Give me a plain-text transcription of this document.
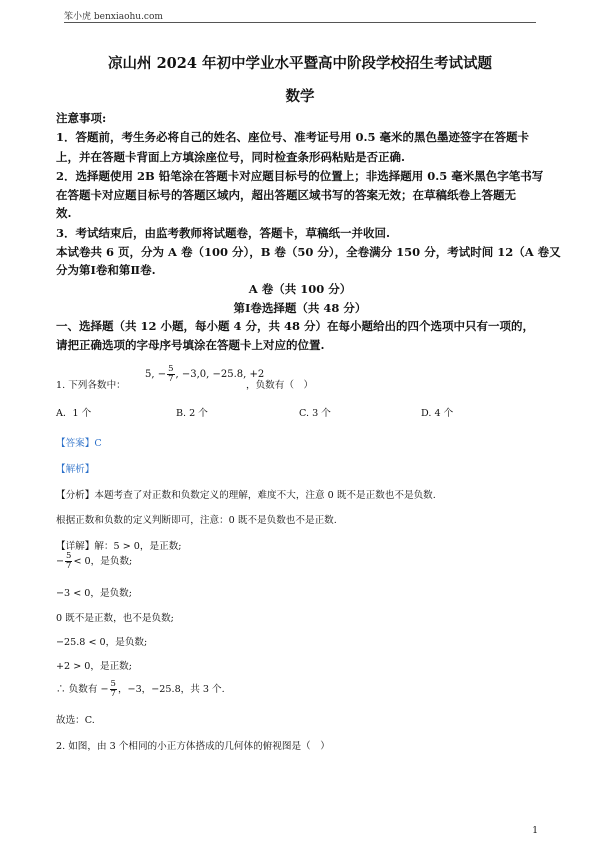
笨小虎 benxiaohu.com
凉山州 2024 年初中学业水平暨高中阶段学校招生考试试题
数学
注意事项:
1．答题前，考生务必将自己的姓名、座位号、准考证号用 0.5 毫米的黑色墨迹签字在答题卡
上，并在答题卡背面上方填涂座位号，同时检查条形码粘贴是否正确.
2．选择题使用 2B 铅笔涂在答题卡对应题目标号的位置上；非选择题用 0.5 毫米黑色字笔书写
在答题卡对应题目标号的答题区域内，超出答题区域书写的答案无效；在草稿纸卷上答题无
效.
3．考试结束后，由监考教师将试题卷，答题卡，草稿纸一并收回.
本试卷共 6 页，分为 A 卷（100 分），B 卷（50 分），全卷满分 150 分，考试时间 12（A 卷又
分为第Ⅰ卷和第Ⅱ卷.
A 卷（共 100 分）
第Ⅰ卷选择题（共 48 分）
一、选择题（共 12 小题，每小题 4 分，共 48 分）在每小题给出的四个选项中只有一项的，
请把正确选项的字母序号填涂在答题卡上对应的位置.
1. 下列各数中：
5, − $\frac{5}{7}$ , −3,0, −25.8, +2
，负数有（　）
A．1 个	B. 2 个	C. 3 个	D. 4 个
【答案】C
【解析】
【分析】本题考查了对正数和负数定义的理解，难度不大，注意 0 既不是正数也不是负数.
根据正数和负数的定义判断即可，注意：0 既不是负数也不是正数.
【详解】解：5 > 0，是正数;
− $\frac{5}{7} < 0$，是负数;
−3 < 0，是负数;
0 既不是正数，也不是负数;
−25.8 < 0，是负数;
+2 > 0，是正数;
∴ 负数有 − $\frac{5}{7}$ ，−3，−25.8，共 3 个.
故选：C.
2. 如图，由 3 个相同的小正方体搭成的几何体的俯视图是（　）
1
